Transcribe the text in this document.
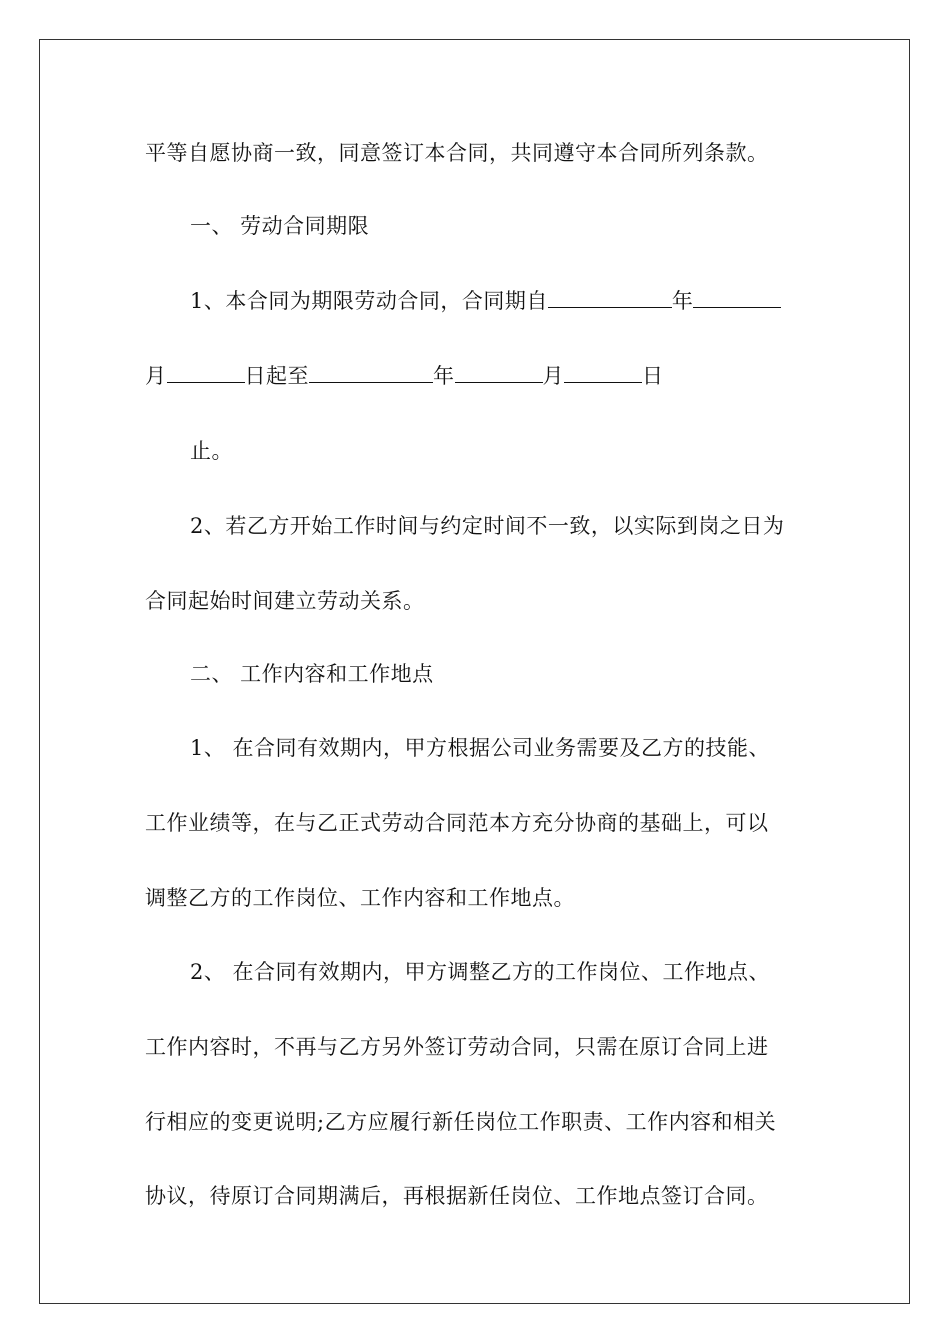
平等自愿协商一致，同意签订本合同，共同遵守本合同所列条款。
一、 劳动合同期限
1、本合同为期限劳动合同，合同期自	年
月	日起至	年	月	日
止。
2、若乙方开始工作时间与约定时间不一致，以实际到岗之日为
合同起始时间建立劳动关系。
二、 工作内容和工作地点
1、 在合同有效期内，甲方根据公司业务需要及乙方的技能、
工作业绩等，在与乙正式劳动合同范本方充分协商的基础上，可以
调整乙方的工作岗位、工作内容和工作地点。
2、 在合同有效期内，甲方调整乙方的工作岗位、工作地点、
工作内容时，不再与乙方另外签订劳动合同，只需在原订合同上进
行相应的变更说明;乙方应履行新任岗位工作职责、工作内容和相关
协议，待原订合同期满后，再根据新任岗位、工作地点签订合同。
